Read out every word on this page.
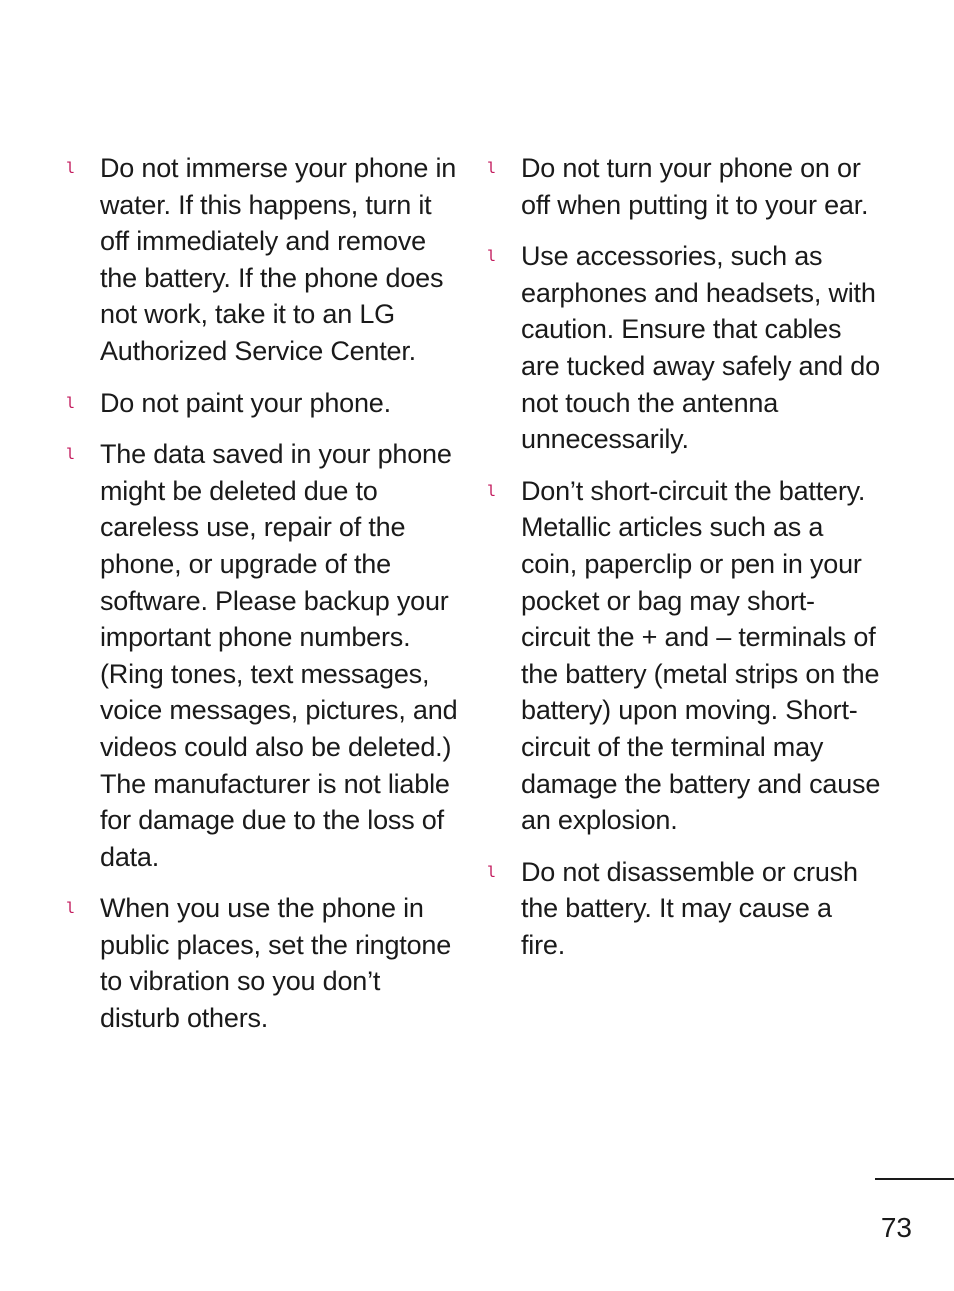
l Do not immerse your phone in water. If this happens, turn it off immediately and remove the battery. If the phone does not work, take it to an LG Authorized Service Center.
l Do not paint your phone.
l The data saved in your phone might be deleted due to careless use, repair of the phone, or upgrade of the software. Please backup your important phone numbers. (Ring tones, text messages, voice messages, pictures, and videos could also be deleted.) The manufacturer is not liable for damage due to the loss of data.
l When you use the phone in public places, set the ringtone to vibration so you don’t disturb others.
l Do not turn your phone on or off when putting it to your ear.
l Use accessories, such as earphones and headsets, with caution. Ensure that cables are tucked away safely and do not touch the antenna unnecessarily.
l Don’t short-circuit the battery. Metallic articles such as a coin, paperclip or pen in your pocket or bag may short-circuit the + and – terminals of the battery (metal strips on the battery) upon moving. Short-circuit of the terminal may damage the battery and cause an explosion.
l Do not disassemble or crush the battery. It may cause a fire.
73
